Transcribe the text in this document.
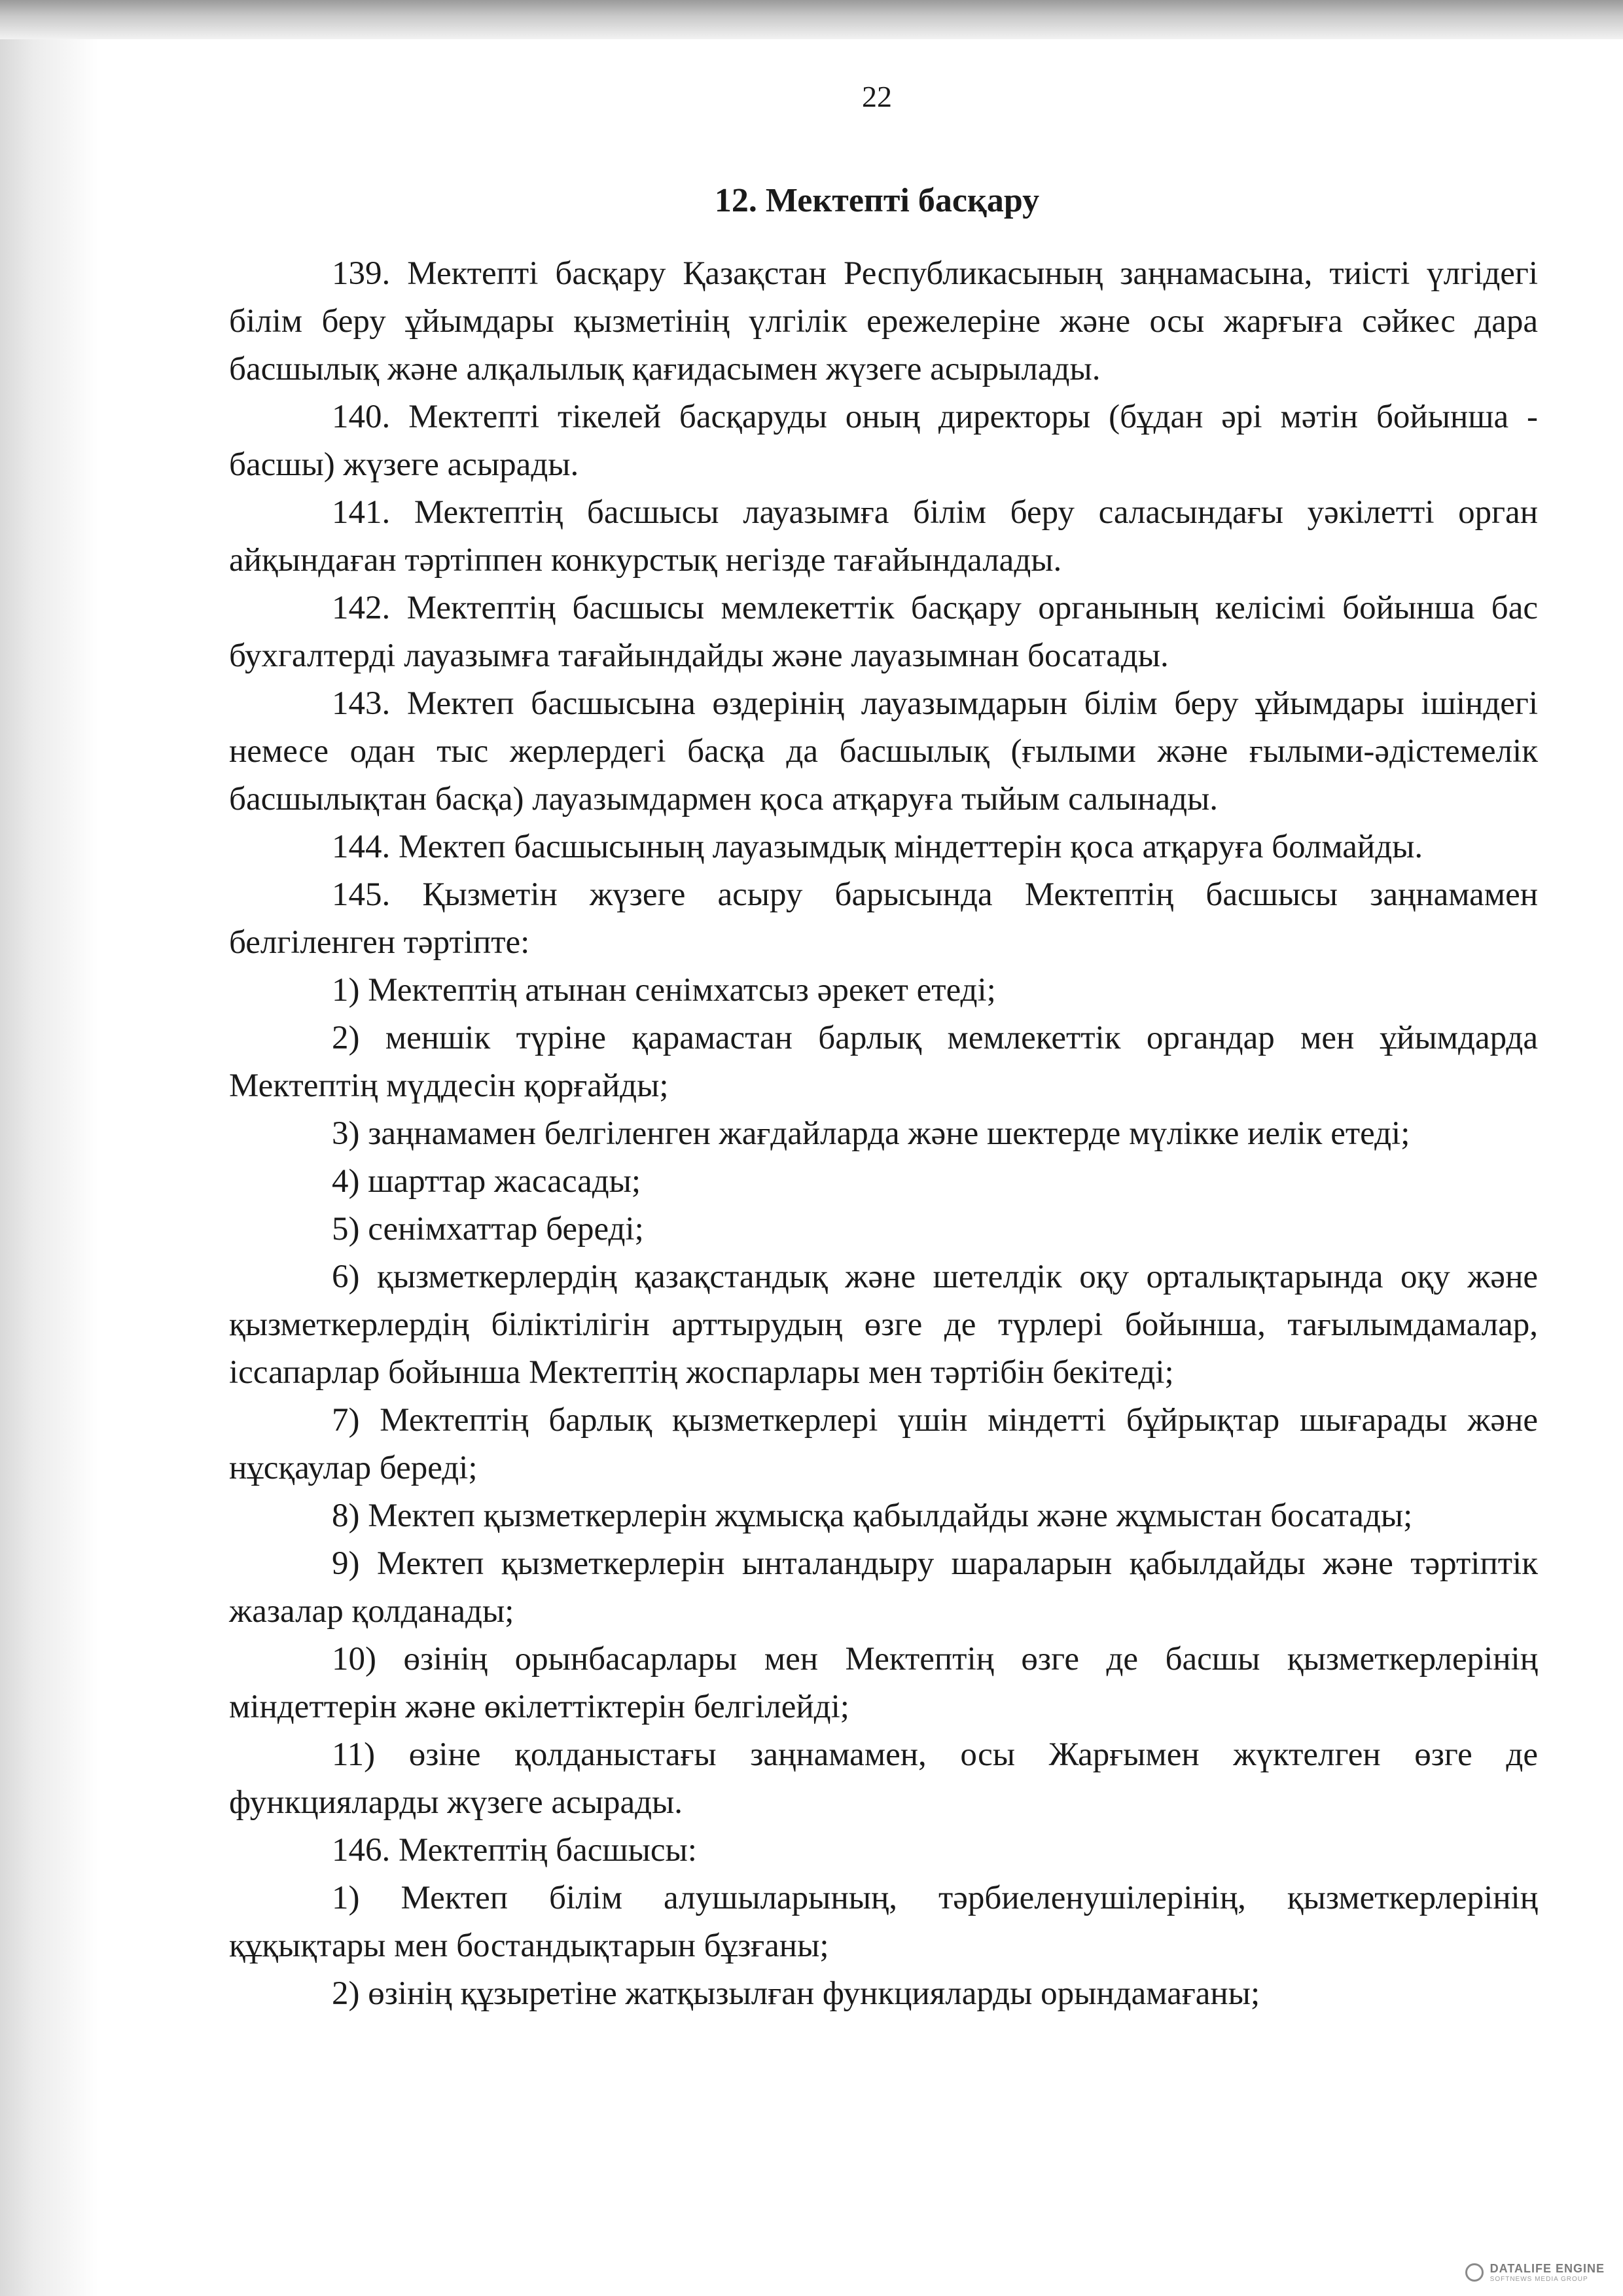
22
12. Мектепті басқару

139. Мектепті басқару Қазақстан Республикасының заңнамасына, тиісті үлгідегі білім беру ұйымдары қызметінің үлгілік ережелеріне және осы жарғыға сәйкес дара басшылық және алқалылық қағидасымен жүзеге асырылады.

140. Мектепті тікелей басқаруды оның директоры (бұдан әрі мәтін бойынша - басшы) жүзеге асырады.

141. Мектептің басшысы лауазымға білім беру саласындағы уәкілетті орган айқындаған тәртіппен конкурстық негізде тағайындалады.

142. Мектептің басшысы мемлекеттік басқару органының келісімі бойынша бас бухгалтерді лауазымға тағайындайды және лауазымнан босатады.

143. Мектеп басшысына өздерінің лауазымдарын білім беру ұйымдары ішіндегі немесе одан тыс жерлердегі басқа да басшылық (ғылыми және ғылыми-әдістемелік басшылықтан басқа) лауазымдармен қоса атқаруға тыйым салынады.

144. Мектеп басшысының лауазымдық міндеттерін қоса атқаруға болмайды.

145. Қызметін жүзеге асыру барысында Мектептің басшысы заңнамамен белгіленген тәртіпте:

1) Мектептің атынан сенімхатсыз әрекет етеді;

2) меншік түріне қарамастан барлық мемлекеттік органдар мен ұйымдарда Мектептің мүддесін қорғайды;

3) заңнамамен белгіленген жағдайларда және шектерде мүлікке иелік етеді;

4) шарттар жасасады;

5) сенімхаттар береді;

6) қызметкерлердің қазақстандық және шетелдік оқу орталықтарында оқу және қызметкерлердің біліктілігін арттырудың өзге де түрлері бойынша, тағылымдамалар, іссапарлар бойынша Мектептің жоспарлары мен тәртібін бекітеді;

7) Мектептің барлық қызметкерлері үшін міндетті бұйрықтар шығарады және нұсқаулар береді;

8) Мектеп қызметкерлерін жұмысқа қабылдайды және жұмыстан босатады;

9) Мектеп қызметкерлерін ынталандыру шараларын қабылдайды және тәртіптік жазалар қолданады;

10) өзінің орынбасарлары мен Мектептің өзге де басшы қызметкерлерінің міндеттерін және өкілеттіктерін белгілейді;

11) өзіне қолданыстағы заңнамамен, осы Жарғымен жүктелген өзге де функцияларды жүзеге асырады.

146. Мектептің басшысы:

1) Мектеп білім алушыларының, тәрбиеленушілерінің, қызметкерлерінің құқықтары мен бостандықтарын бұзғаны;

2) өзінің құзыретіне жатқызылған функцияларды орындамағаны;

DATALIFE ENGINE
SOFTNEWS MEDIA GROUP
